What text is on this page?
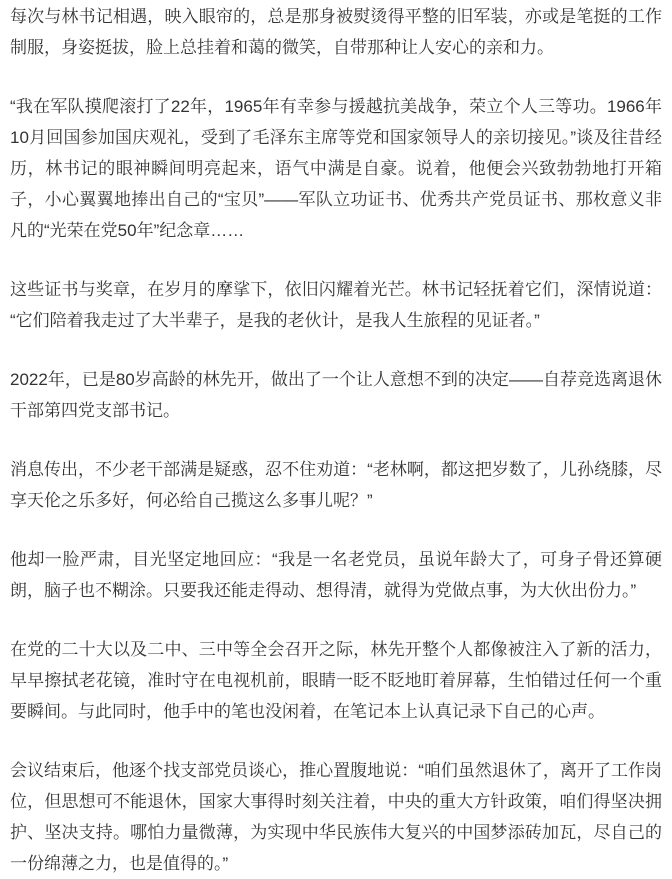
每次与林书记相遇，映入眼帘的，总是那身被熨烫得平整的旧军装，亦或是笔挺的工作制服，身姿挺拔，脸上总挂着和蔼的微笑，自带那种让人安心的亲和力。

“我在军队摸爬滚打了22年，1965年有幸参与援越抗美战争，荣立个人三等功。1966年10月回国参加国庆观礼，受到了毛泽东主席等党和国家领导人的亲切接见。”谈及往昔经历，林书记的眼神瞬间明亮起来，语气中满是自豪。说着，他便会兴致勃勃地打开箱子，小心翼翼地捧出自己的“宝贝”——军队立功证书、优秀共产党员证书、那枚意义非凡的“光荣在党50年”纪念章……

这些证书与奖章，在岁月的摩挲下，依旧闪耀着光芒。林书记轻抚着它们，深情说道：“它们陪着我走过了大半辈子，是我的老伙计，是我人生旅程的见证者。”

2022年，已是80岁高龄的林先开，做出了一个让人意想不到的决定——自荐竞选离退休干部第四党支部书记。

消息传出，不少老干部满是疑惑，忍不住劝道：“老林啊，都这把岁数了，儿孙绕膝，尽享天伦之乐多好，何必给自己揽这么多事儿呢？”

他却一脸严肃，目光坚定地回应：“我是一名老党员，虽说年龄大了，可身子骨还算硬朗，脑子也不糊涂。只要我还能走得动、想得清，就得为党做点事，为大伙出份力。”

在党的二十大以及二中、三中等全会召开之际，林先开整个人都像被注入了新的活力，早早擦拭老花镜，准时守在电视机前，眼睛一眨不眨地盯着屏幕，生怕错过任何一个重要瞬间。与此同时，他手中的笔也没闲着，在笔记本上认真记录下自己的心声。

会议结束后，他逐个找支部党员谈心，推心置腹地说：“咱们虽然退休了，离开了工作岗位，但思想可不能退休，国家大事得时刻关注着，中央的重大方针政策，咱们得坚决拥护、坚决支持。哪怕力量微薄，为实现中华民族伟大复兴的中国梦添砖加瓦，尽自己的一份绵薄之力，也是值得的。”
